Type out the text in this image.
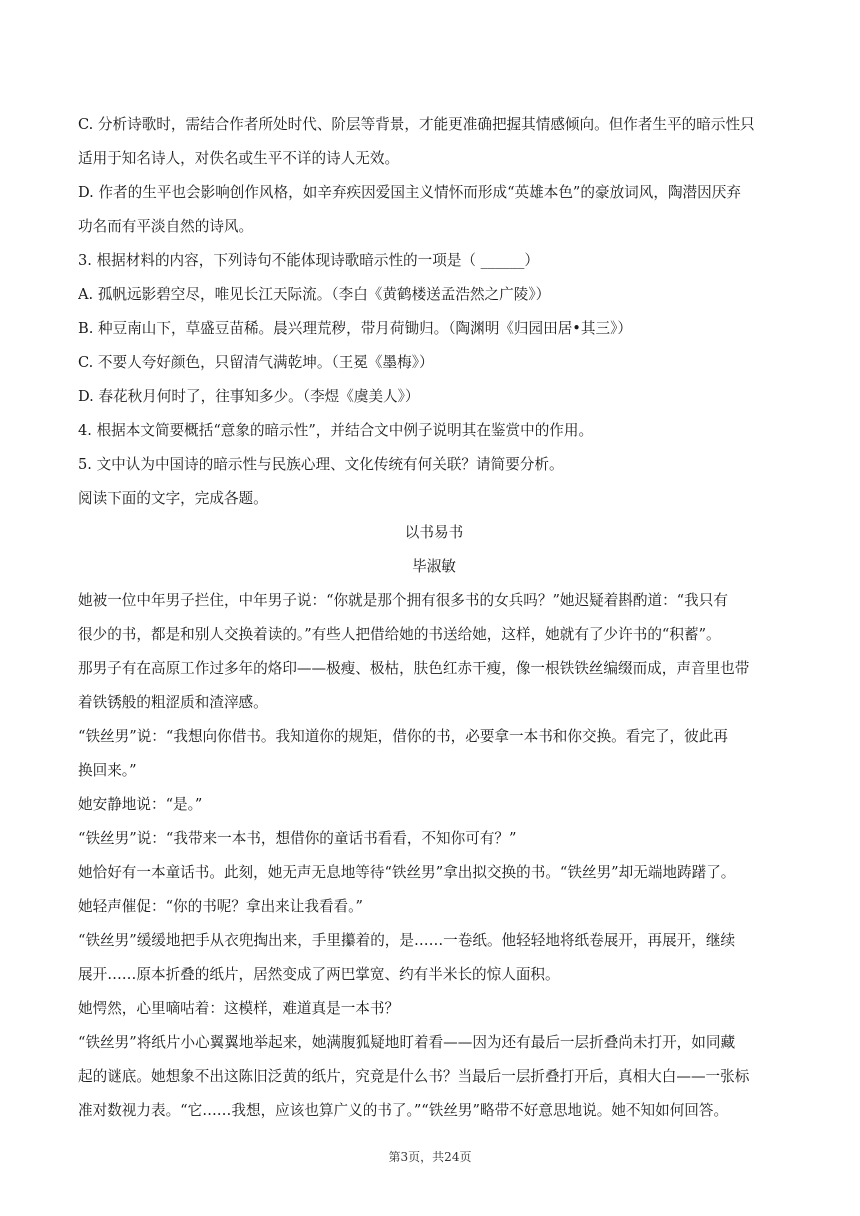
C. 分析诗歌时，需结合作者所处时代、阶层等背景，才能更准确把握其情感倾向。但作者生平的暗示性只
适用于知名诗人，对佚名或生平不详的诗人无效。
D. 作者的生平也会影响创作风格，如辛弃疾因爱国主义情怀而形成“英雄本色”的豪放词风，陶潜因厌弃
功名而有平淡自然的诗风。
3. 根据材料的内容，下列诗句不能体现诗歌暗示性的一项是（ ______）
A. 孤帆远影碧空尽，唯见长江天际流。（李白《黄鹤楼送孟浩然之广陵》）
B. 种豆南山下，草盛豆苗稀。晨兴理荒秽，带月荷锄归。（陶渊明《归园田居•其三》）
C. 不要人夸好颜色，只留清气满乾坤。（王冕《墨梅》）
D. 春花秋月何时了，往事知多少。（李煜《虞美人》）
4. 根据本文简要概括“意象的暗示性”，并结合文中例子说明其在鉴赏中的作用。
5. 文中认为中国诗的暗示性与民族心理、文化传统有何关联？请简要分析。
阅读下面的文字，完成各题。
以书易书
毕淑敏
她被一位中年男子拦住，中年男子说：“你就是那个拥有很多书的女兵吗？”她迟疑着斟酌道：“我只有
很少的书，都是和别人交换着读的。”有些人把借给她的书送给她，这样，她就有了少许书的“积蓄”。
那男子有在高原工作过多年的烙印——极瘦、极枯，肤色红赤干瘦，像一根铁铁丝编缀而成，声音里也带
着铁锈般的粗涩质和渣滓感。
“铁丝男”说：“我想向你借书。我知道你的规矩，借你的书，必要拿一本书和你交换。看完了，彼此再
换回来。”
她安静地说：“是。”
“铁丝男”说：“我带来一本书，想借你的童话书看看，不知你可有？”
她恰好有一本童话书。此刻，她无声无息地等待“铁丝男”拿出拟交换的书。“铁丝男”却无端地踌躇了。
她轻声催促：“你的书呢？拿出来让我看看。”
“铁丝男”缓缓地把手从衣兜掏出来，手里攥着的，是……一卷纸。他轻轻地将纸卷展开，再展开，继续
展开……原本折叠的纸片，居然变成了两巴掌宽、约有半米长的惊人面积。
她愕然，心里嘀咕着：这模样，难道真是一本书？
“铁丝男”将纸片小心翼翼地举起来，她满腹狐疑地盯着看——因为还有最后一层折叠尚未打开，如同藏
起的谜底。她想象不出这陈旧泛黄的纸片，究竟是什么书？当最后一层折叠打开后，真相大白——一张标
准对数视力表。“它……我想，应该也算广义的书了。”“铁丝男”略带不好意思地说。她不知如何回答。
第3页，共24页
